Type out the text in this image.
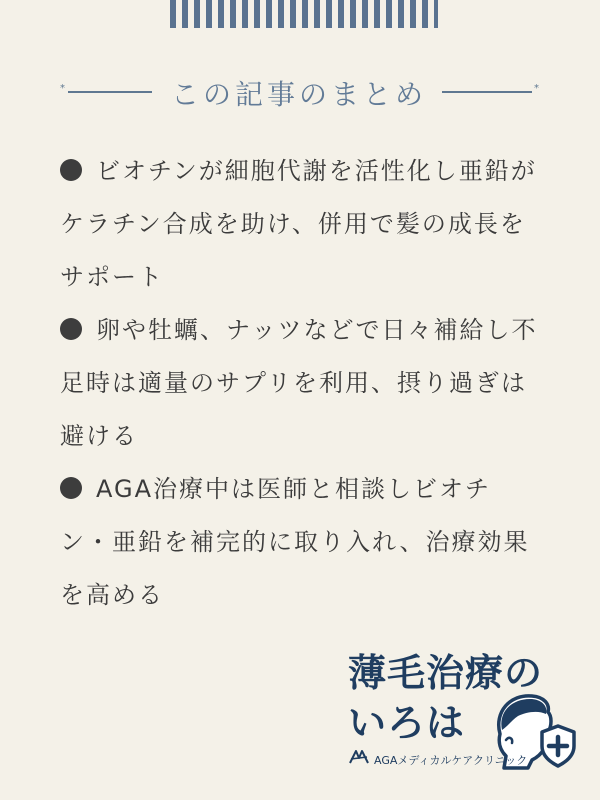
*	この記事のまとめ	*

ビオチンが細胞代謝を活性化し亜鉛がケラチン合成を助け、併用で髪の成長をサポート

卵や牡蠣、ナッツなどで日々補給し不足時は適量のサプリを利用、摂り過ぎは避ける

AGA治療中は医師と相談しビオチン・亜鉛を補完的に取り入れ、治療効果を高める

薄毛治療の
いろは
AGAメディカルケアクリニック
